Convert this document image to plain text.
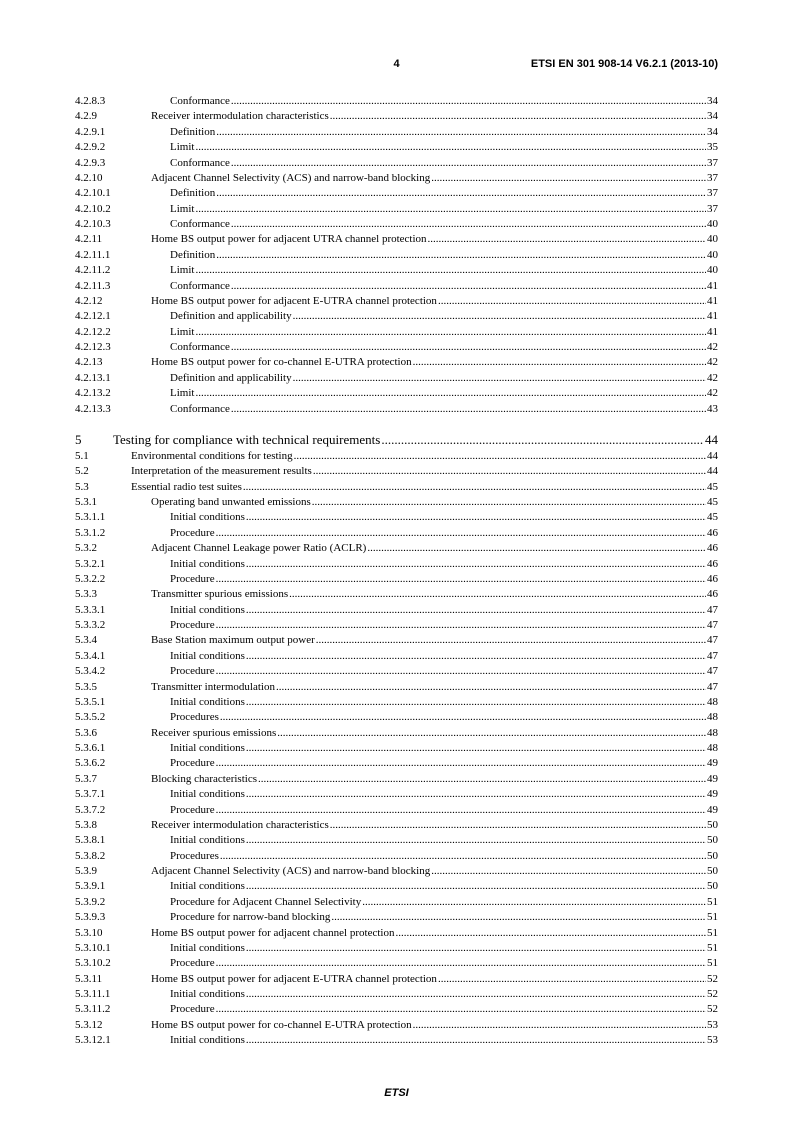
4	ETSI EN 301 908-14 V6.2.1 (2013-10)
4.2.8.3	Conformance .....	34
4.2.9	Receiver intermodulation characteristics .....	34
4.2.9.1	Definition .....	34
4.2.9.2	Limit .....	35
4.2.9.3	Conformance .....	37
4.2.10	Adjacent Channel Selectivity (ACS) and narrow-band blocking .....	37
4.2.10.1	Definition .....	37
4.2.10.2	Limit .....	37
4.2.10.3	Conformance .....	40
4.2.11	Home BS output power for adjacent UTRA channel protection .....	40
4.2.11.1	Definition .....	40
4.2.11.2	Limit .....	40
4.2.11.3	Conformance .....	41
4.2.12	Home BS output power for adjacent E-UTRA channel protection .....	41
4.2.12.1	Definition and applicability .....	41
4.2.12.2	Limit .....	41
4.2.12.3	Conformance .....	42
4.2.13	Home BS output power for co-channel E-UTRA protection .....	42
4.2.13.1	Definition and applicability .....	42
4.2.13.2	Limit .....	42
4.2.13.3	Conformance .....	43
5 Testing for compliance with technical requirements .....	44
5.1	Environmental conditions for testing .....	44
5.2	Interpretation of the measurement results .....	44
5.3	Essential radio test suites .....	45
5.3.1	Operating band unwanted emissions .....	45
5.3.1.1	Initial conditions .....	45
5.3.1.2	Procedure .....	46
5.3.2	Adjacent Channel Leakage power Ratio (ACLR) .....	46
5.3.2.1	Initial conditions .....	46
5.3.2.2	Procedure .....	46
5.3.3	Transmitter spurious emissions .....	46
5.3.3.1	Initial conditions .....	47
5.3.3.2	Procedure .....	47
5.3.4	Base Station maximum output power .....	47
5.3.4.1	Initial conditions .....	47
5.3.4.2	Procedure .....	47
5.3.5	Transmitter intermodulation .....	47
5.3.5.1	Initial conditions .....	48
5.3.5.2	Procedures .....	48
5.3.6	Receiver spurious emissions .....	48
5.3.6.1	Initial conditions .....	48
5.3.6.2	Procedure .....	49
5.3.7	Blocking characteristics .....	49
5.3.7.1	Initial conditions .....	49
5.3.7.2	Procedure .....	49
5.3.8	Receiver intermodulation characteristics .....	50
5.3.8.1	Initial conditions .....	50
5.3.8.2	Procedures .....	50
5.3.9	Adjacent Channel Selectivity (ACS) and narrow-band blocking .....	50
5.3.9.1	Initial conditions .....	50
5.3.9.2	Procedure for Adjacent Channel Selectivity .....	51
5.3.9.3	Procedure for narrow-band blocking .....	51
5.3.10	Home BS output power for adjacent channel protection .....	51
5.3.10.1	Initial conditions .....	51
5.3.10.2	Procedure .....	51
5.3.11	Home BS output power for adjacent E-UTRA channel protection .....	52
5.3.11.1	Initial conditions .....	52
5.3.11.2	Procedure .....	52
5.3.12	Home BS output power for co-channel E-UTRA protection .....	53
5.3.12.1	Initial conditions .....	53
ETSI
